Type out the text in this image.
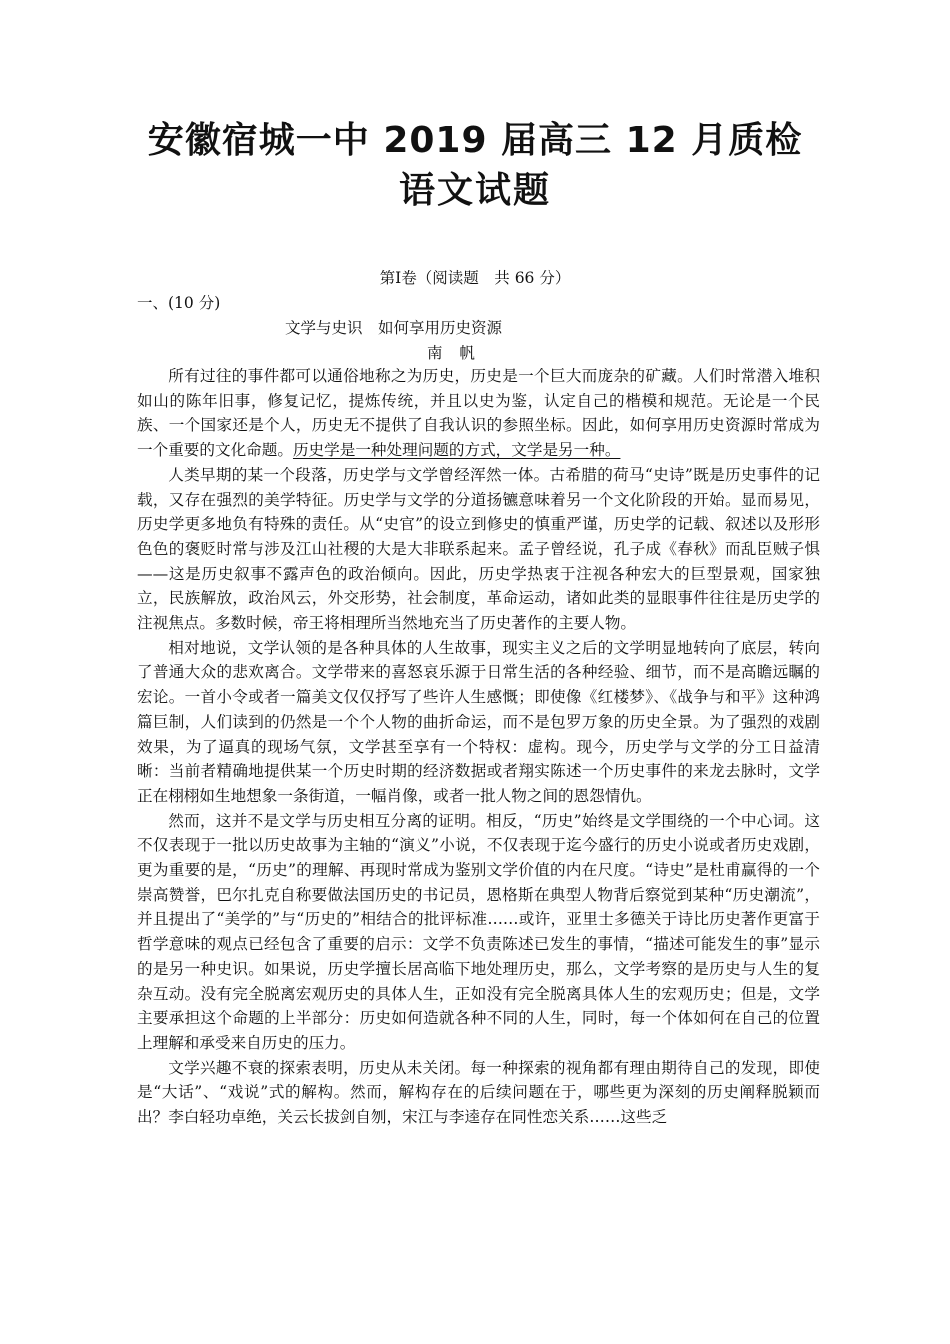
安徽宿城一中 2019 届高三 12 月质检
语文试题
第Ⅰ卷（阅读题　共 66 分）
一、(10 分)
文学与史识　如何享用历史资源
南 帆

所有过往的事件都可以通俗地称之为历史，历史是一个巨大而庞杂的矿藏。人们时常潜入堆积如山的陈年旧事，修复记忆，提炼传统，并且以史为鉴，认定自己的楷模和规范。无论是一个民族、一个国家还是个人，历史无不提供了自我认识的参照坐标。因此，如何享用历史资源时常成为一个重要的文化命题。历史学是一种处理问题的方式，文学是另一种。

人类早期的某一个段落，历史学与文学曾经浑然一体。古希腊的荷马“史诗”既是历史事件的记载，又存在强烈的美学特征。历史学与文学的分道扬镳意味着另一个文化阶段的开始。显而易见，历史学更多地负有特殊的责任。从“史官”的设立到修史的慎重严谨，历史学的记载、叙述以及形形色色的褒贬时常与涉及江山社稷的大是大非联系起来。孟子曾经说，孔子成《春秋》而乱臣贼子惧——这是历史叙事不露声色的政治倾向。因此，历史学热衷于注视各种宏大的巨型景观，国家独立，民族解放，政治风云，外交形势，社会制度，革命运动，诸如此类的显眼事件往往是历史学的注视焦点。多数时候，帝王将相理所当然地充当了历史著作的主要人物。

相对地说，文学认领的是各种具体的人生故事，现实主义之后的文学明显地转向了底层，转向了普通大众的悲欢离合。文学带来的喜怒哀乐源于日常生活的各种经验、细节，而不是高瞻远瞩的宏论。一首小令或者一篇美文仅仅抒写了些许人生感慨；即使像《红楼梦》、《战争与和平》这种鸿篇巨制，人们读到的仍然是一个个人物的曲折命运，而不是包罗万象的历史全景。为了强烈的戏剧效果，为了逼真的现场气氛，文学甚至享有一个特权：虚构。现今，历史学与文学的分工日益清晰：当前者精确地提供某一个历史时期的经济数据或者翔实陈述一个历史事件的来龙去脉时，文学正在栩栩如生地想象一条街道，一幅肖像，或者一批人物之间的恩怨情仇。

然而，这并不是文学与历史相互分离的证明。相反，“历史”始终是文学围绕的一个中心词。这不仅表现于一批以历史故事为主轴的“演义”小说，不仅表现于迄今盛行的历史小说或者历史戏剧，更为重要的是，“历史”的理解、再现时常成为鉴别文学价值的内在尺度。“诗史”是杜甫赢得的一个崇高赞誉，巴尔扎克自称要做法国历史的书记员，恩格斯在典型人物背后察觉到某种“历史潮流”，并且提出了“美学的”与“历史的”相结合的批评标准……或许，亚里士多德关于诗比历史著作更富于哲学意味的观点已经包含了重要的启示：文学不负责陈述已发生的事情，“描述可能发生的事”显示的是另一种史识。如果说，历史学擅长居高临下地处理历史，那么，文学考察的是历史与人生的复杂互动。没有完全脱离宏观历史的具体人生，正如没有完全脱离具体人生的宏观历史；但是，文学主要承担这个命题的上半部分：历史如何造就各种不同的人生，同时，每一个体如何在自己的位置上理解和承受来自历史的压力。

文学兴趣不衰的探索表明，历史从未关闭。每一种探索的视角都有理由期待自己的发现，即使是“大话”、“戏说”式的解构。然而，解构存在的后续问题在于，哪些更为深刻的历史阐释脱颖而出？李白轻功卓绝，关云长拔剑自刎，宋江与李逵存在同性恋关系……这些乏
